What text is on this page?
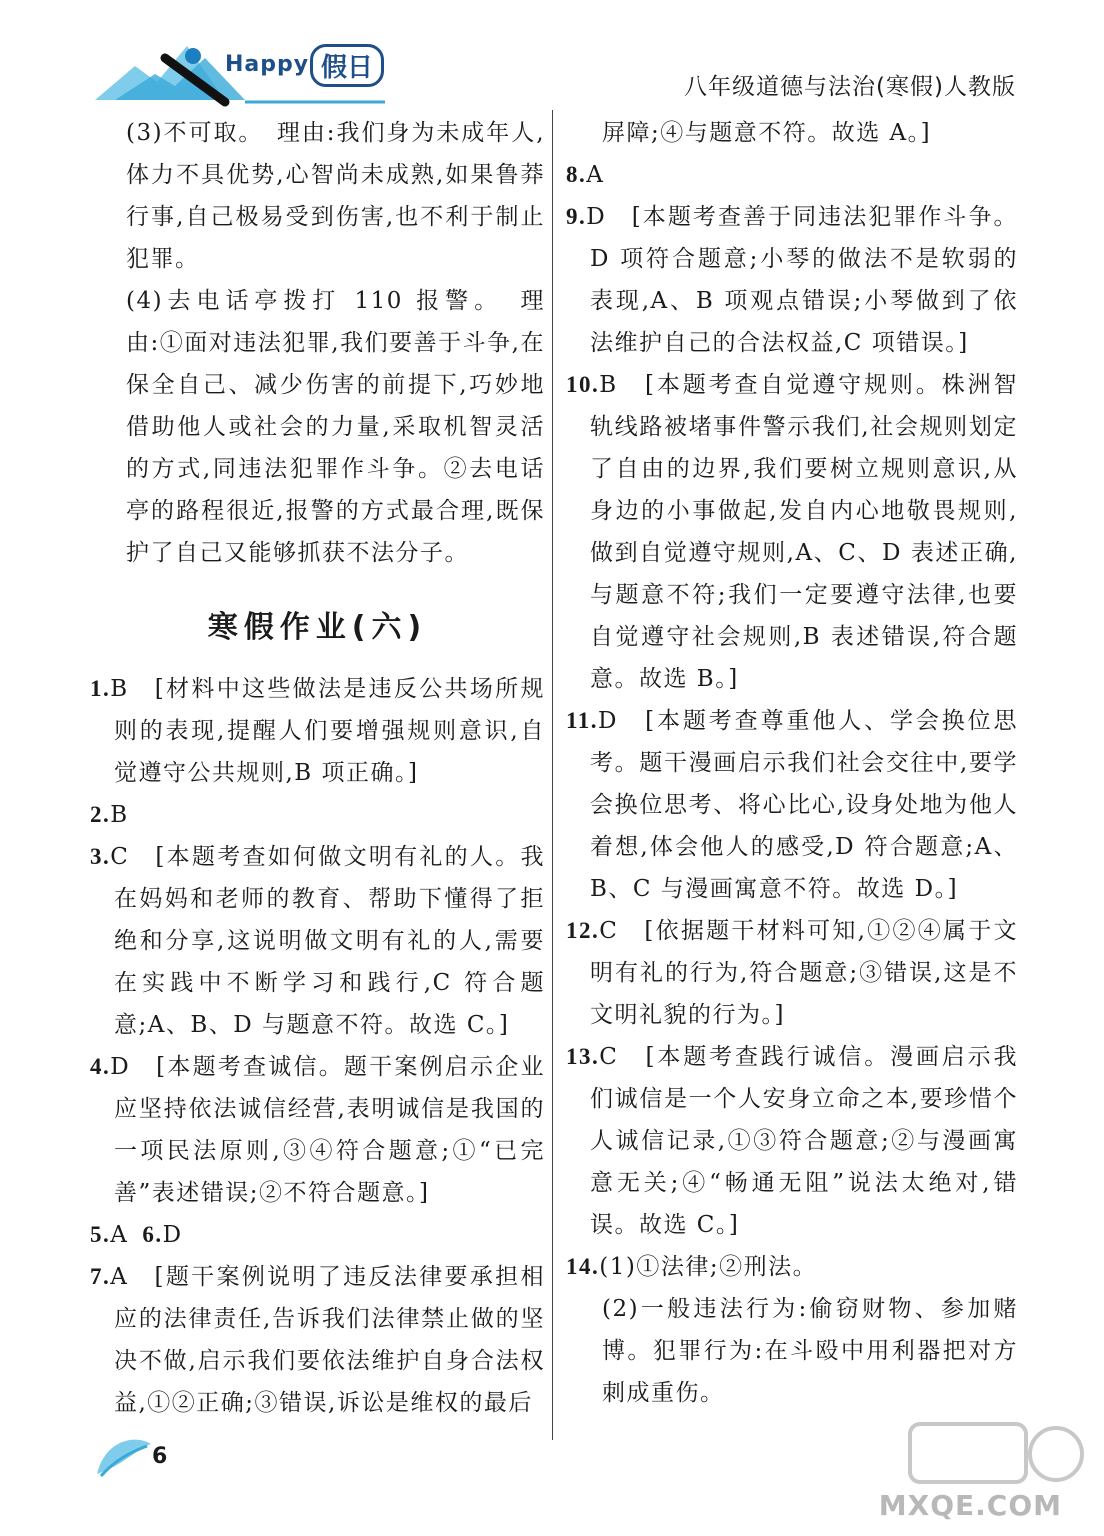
Happy 假日
八年级道德与法治(寒假)人教版

(3)不可取。　理由:我们身为未成年人,体力不具优势,心智尚未成熟,如果鲁莽行事,自己极易受到伤害,也不利于制止犯罪。

(4)去电话亭拨打 110 报警。　理由:①面对违法犯罪,我们要善于斗争,在保全自己、减少伤害的前提下,巧妙地借助他人或社会的力量,采取机智灵活的方式,同违法犯罪作斗争。②去电话亭的路程很近,报警的方式最合理,既保护了自己又能够抓获不法分子。

寒假作业(六)

1.B　[材料中这些做法是违反公共场所规则的表现,提醒人们要增强规则意识,自觉遵守公共规则,B 项正确。]

2.B

3.C　[本题考查如何做文明有礼的人。我在妈妈和老师的教育、帮助下懂得了拒绝和分享,这说明做文明有礼的人,需要在实践中不断学习和践行,C 符合题意;A、B、D 与题意不符。故选 C。]

4.D　[本题考查诚信。题干案例启示企业应坚持依法诚信经营,表明诚信是我国的一项民法原则,③④符合题意;①“已完善”表述错误;②不符合题意。]

5.A 6.D

7.A　[题干案例说明了违反法律要承担相应的法律责任,告诉我们法律禁止做的坚决不做,启示我们要依法维护自身合法权益,①②正确;③错误,诉讼是维权的最后

屏障;④与题意不符。故选 A。]

8.A

9.D　[本题考查善于同违法犯罪作斗争。D 项符合题意;小琴的做法不是软弱的表现,A、B 项观点错误;小琴做到了依法维护自己的合法权益,C 项错误。]

10.B　[本题考查自觉遵守规则。株洲智轨线路被堵事件警示我们,社会规则划定了自由的边界,我们要树立规则意识,从身边的小事做起,发自内心地敬畏规则,做到自觉遵守规则,A、C、D 表述正确,与题意不符;我们一定要遵守法律,也要自觉遵守社会规则,B 表述错误,符合题意。故选 B。]

11.D　[本题考查尊重他人、学会换位思考。题干漫画启示我们社会交往中,要学会换位思考、将心比心,设身处地为他人着想,体会他人的感受,D 符合题意;A、B、C 与漫画寓意不符。故选 D。]

12.C　[依据题干材料可知,①②④属于文明有礼的行为,符合题意;③错误,这是不文明礼貌的行为。]

13.C　[本题考查践行诚信。漫画启示我们诚信是一个人安身立命之本,要珍惜个人诚信记录,①③符合题意;②与漫画寓意无关;④“畅通无阻”说法太绝对,错误。故选 C。]

14.(1)①法律;②刑法。

(2)一般违法行为:偷窃财物、参加赌博。犯罪行为:在斗殴中用利器把对方刺成重伤。

6
MXQE.COM
